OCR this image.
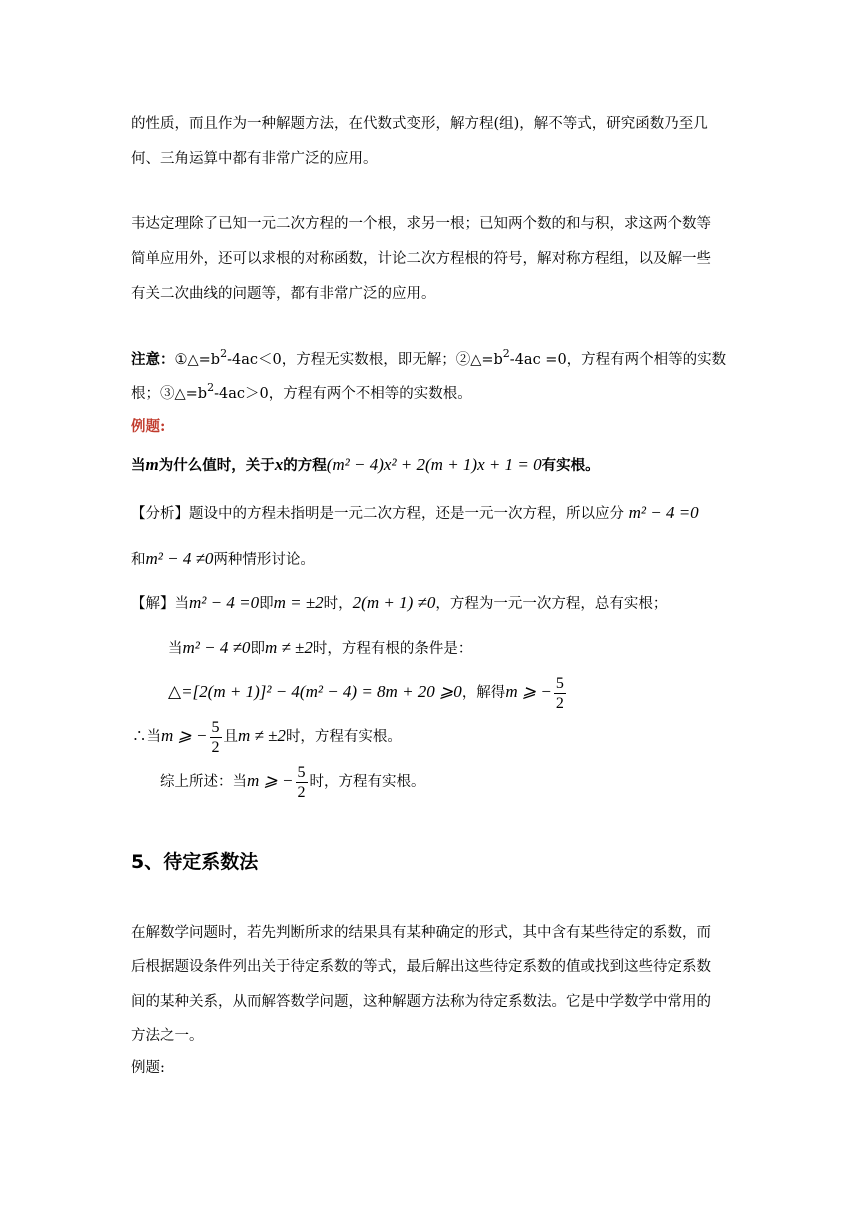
的性质，而且作为一种解题方法，在代数式变形，解方程(组)，解不等式，研究函数乃至几
何、三角运算中都有非常广泛的应用。
韦达定理除了已知一元二次方程的一个根，求另一根；已知两个数的和与积，求这两个数等
简单应用外，还可以求根的对称函数，计论二次方程根的符号，解对称方程组，以及解一些
有关二次曲线的问题等，都有非常广泛的应用。
注意：$①\triangle=b^2-4ac<0$，方程无实数根，即无解；$②\triangle=b^2-4ac =0$，方程有两个相等的实数
根；$③\triangle=b^2-4ac>0$，方程有两个不相等的实数根。
例题:
当m为什么值时，关于x的方程(m² − 4)x² + 2(m + 1)x + 1 = 0有实根。
【分析】题设中的方程未指明是一元二次方程，还是一元一次方程，所以应分 m² − 4 =0
和m² − 4 ≠0两种情形讨论。
【解】当m² − 4 =0即m = ±2时，2(m + 1) ≠0，方程为一元一次方程，总有实根；
当m² − 4 ≠0即m ≠ ±2时，方程有根的条件是：
△=[2(m + 1)]² − 4(m² − 4) = 8m + 20 ⩾0，解得m ⩾ − $\frac{5}{2}$
∴当m ⩾ − $\frac{5}{2}$ 且m ≠ ±2时，方程有实根。
综上所述：当m ⩾ − $\frac{5}{2}$ 时，方程有实根。
5、待定系数法
在解数学问题时，若先判断所求的结果具有某种确定的形式，其中含有某些待定的系数，而
后根据题设条件列出关于待定系数的等式，最后解出这些待定系数的值或找到这些待定系数
间的某种关系，从而解答数学问题，这种解题方法称为待定系数法。它是中学数学中常用的
方法之一。
例题:
